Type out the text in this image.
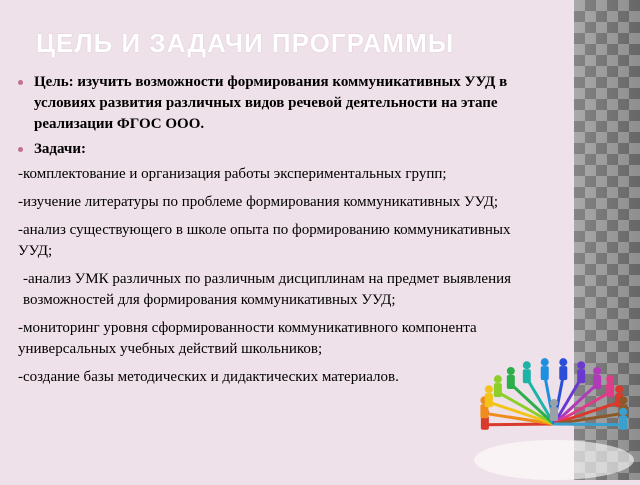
ЦЕЛЬ И ЗАДАЧИ ПРОГРАММЫ
Цель: изучить возможности формирования коммуникативных УУД в условиях развития различных видов речевой деятельности на этапе реализации ФГОС ООО.
Задачи:

-комплектование и организация работы экспериментальных групп;

-изучение литературы по проблеме формирования коммуникативных УУД;

-анализ существующего в школе опыта по формированию коммуникативных УУД;

-анализ УМК различных по различным дисциплинам на предмет выявления возможностей для формирования коммуникативных УУД;

-мониторинг уровня сформированности коммуникативного компонента универсальных учебных действий школьников;

-создание базы методических и дидактических материалов.
